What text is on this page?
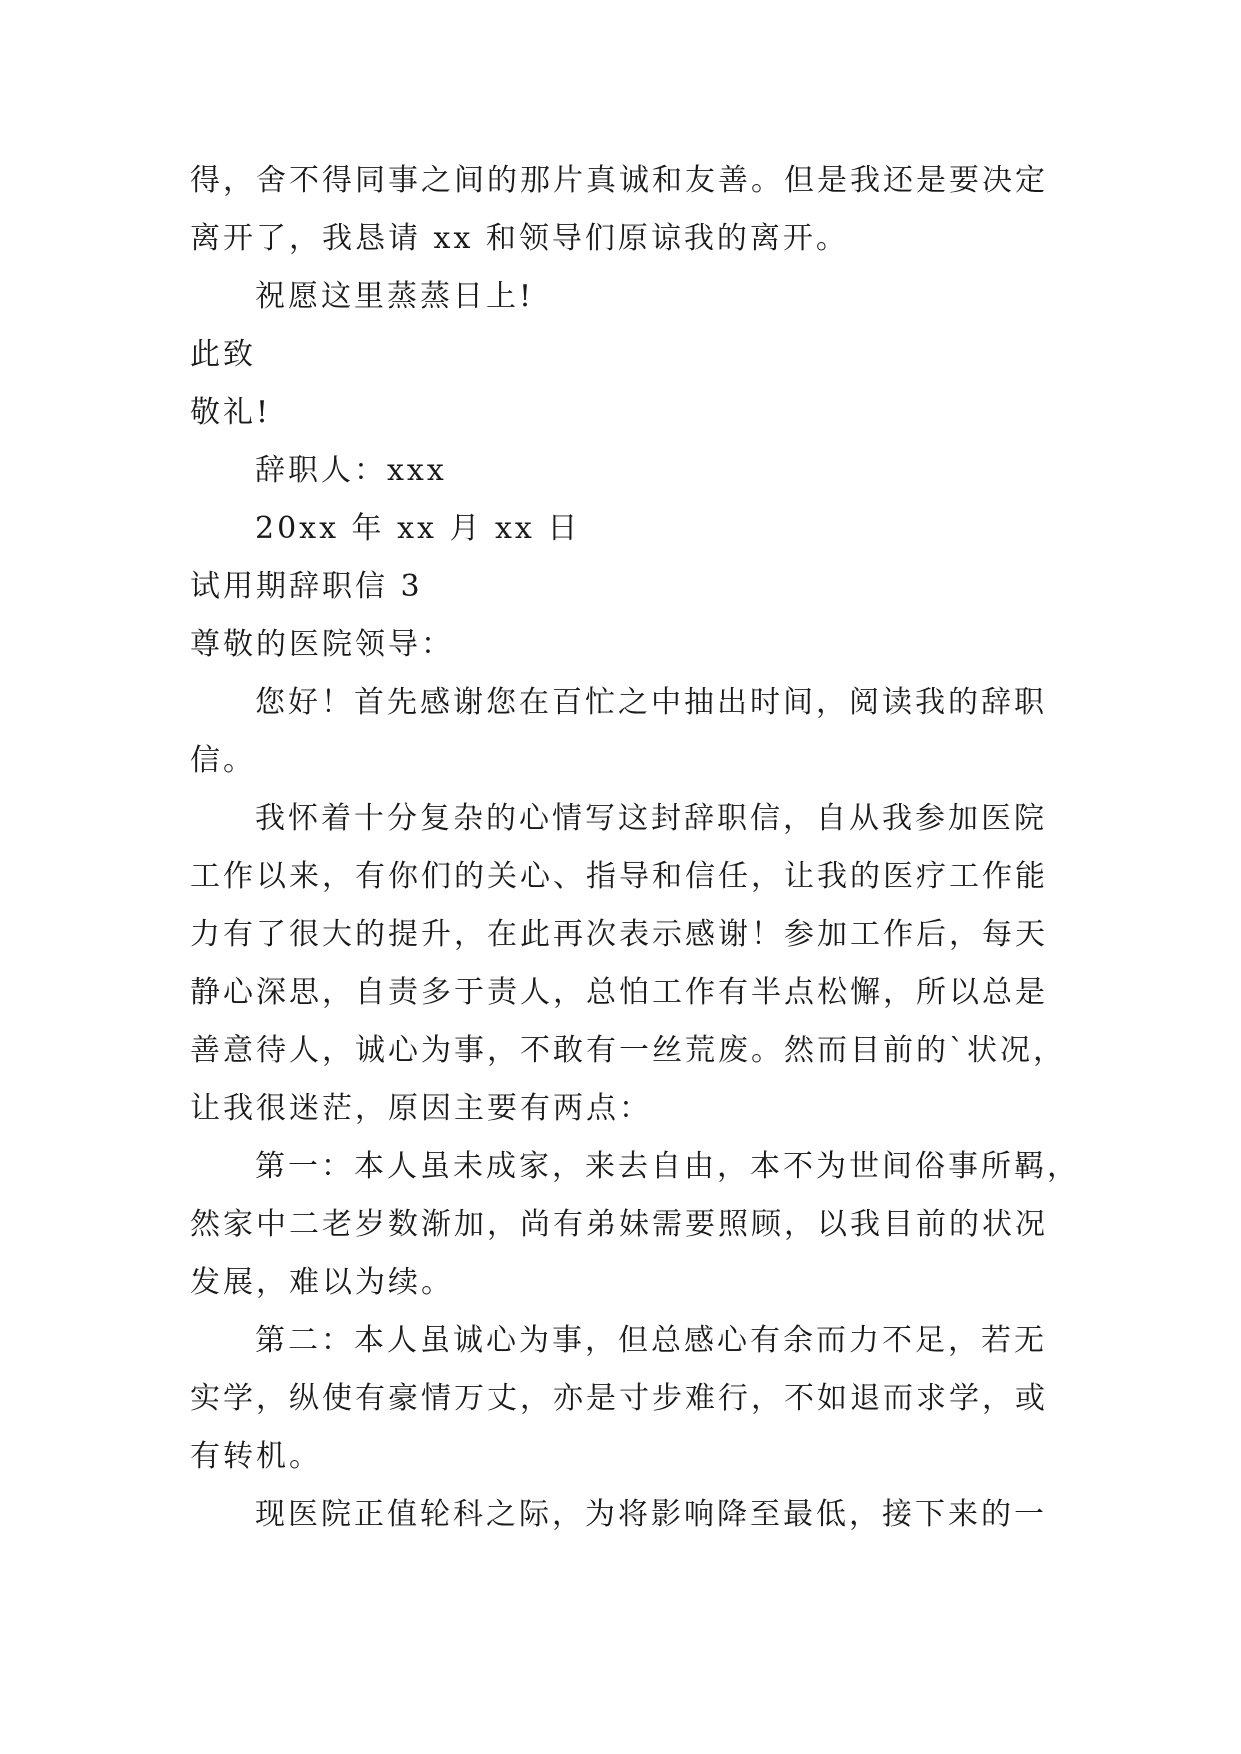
得，舍不得同事之间的那片真诚和友善。但是我还是要决定
离开了，我恳请 xx 和领导们原谅我的离开。
祝愿这里蒸蒸日上!
此致
敬礼!
辞职人：xxx
20xx 年 xx 月 xx 日
试用期辞职信 3
尊敬的医院领导：
您好！首先感谢您在百忙之中抽出时间，阅读我的辞职
信。
我怀着十分复杂的心情写这封辞职信，自从我参加医院
工作以来，有你们的关心、指导和信任，让我的医疗工作能
力有了很大的提升，在此再次表示感谢！参加工作后，每天
静心深思，自责多于责人，总怕工作有半点松懈，所以总是
善意待人，诚心为事，不敢有一丝荒废。然而目前的`状况，
让我很迷茫，原因主要有两点：
第一：本人虽未成家，来去自由，本不为世间俗事所羁，
然家中二老岁数渐加，尚有弟妹需要照顾，以我目前的状况
发展，难以为续。
第二：本人虽诚心为事，但总感心有余而力不足，若无
实学，纵使有豪情万丈，亦是寸步难行，不如退而求学，或
有转机。
现医院正值轮科之际，为将影响降至最低，接下来的一
